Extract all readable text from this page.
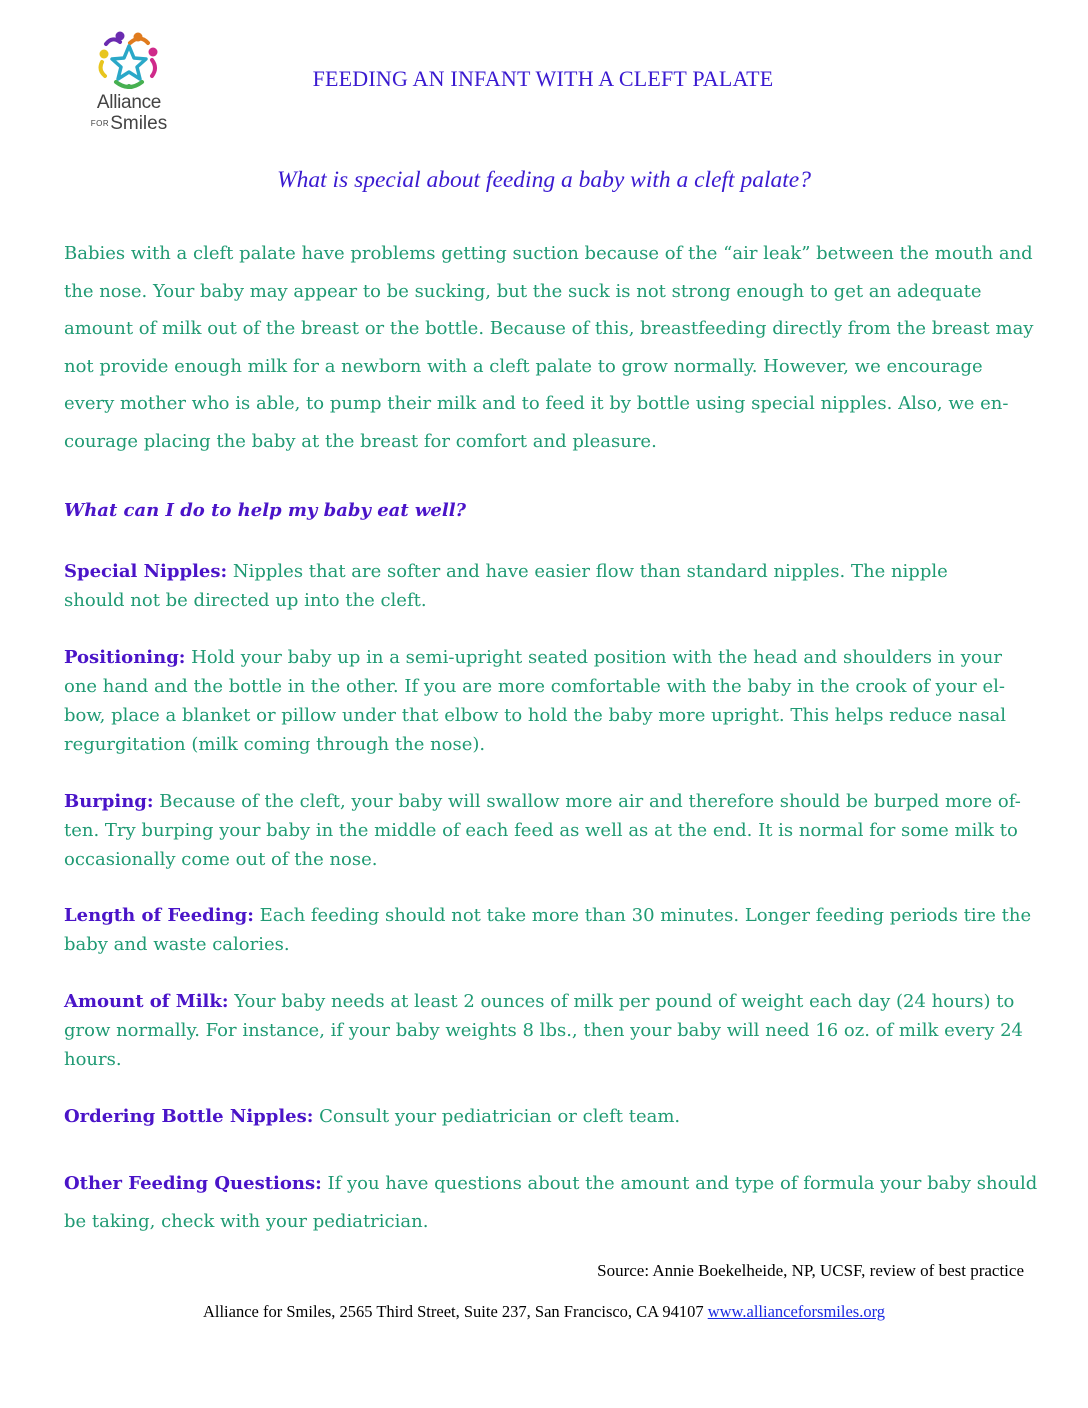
Alliance
FORSmiles
FEEDING AN INFANT WITH A CLEFT PALATE
What is special about feeding a baby with a cleft palate?

Babies with a cleft palate have problems getting suction because of the “air leak” between the mouth and
the nose. Your baby may appear to be sucking, but the suck is not strong enough to get an adequate
amount of milk out of the breast or the bottle. Because of this, breastfeeding directly from the breast may
not provide enough milk for a newborn with a cleft palate to grow normally. However, we encourage
every mother who is able, to pump their milk and to feed it by bottle using special nipples. Also, we en-
courage placing the baby at the breast for comfort and pleasure.

What can I do to help my baby eat well?

Special Nipples: Nipples that are softer and have easier flow than standard nipples. The nipple
should not be directed up into the cleft.

Positioning: Hold your baby up in a semi-upright seated position with the head and shoulders in your
one hand and the bottle in the other. If you are more comfortable with the baby in the crook of your el-
bow, place a blanket or pillow under that elbow to hold the baby more upright. This helps reduce nasal
regurgitation (milk coming through the nose).

Burping: Because of the cleft, your baby will swallow more air and therefore should be burped more of-
ten. Try burping your baby in the middle of each feed as well as at the end. It is normal for some milk to
occasionally come out of the nose.

Length of Feeding: Each feeding should not take more than 30 minutes. Longer feeding periods tire the
baby and waste calories.

Amount of Milk: Your baby needs at least 2 ounces of milk per pound of weight each day (24 hours) to
grow normally. For instance, if your baby weights 8 lbs., then your baby will need 16 oz. of milk every 24
hours.

Ordering Bottle Nipples: Consult your pediatrician or cleft team.

Other Feeding Questions: If you have questions about the amount and type of formula your baby should
be taking, check with your pediatrician.

Source: Annie Boekelheide, NP, UCSF, review of best practice
Alliance for Smiles, 2565 Third Street, Suite 237, San Francisco, CA 94107 www.allianceforsmiles.org
